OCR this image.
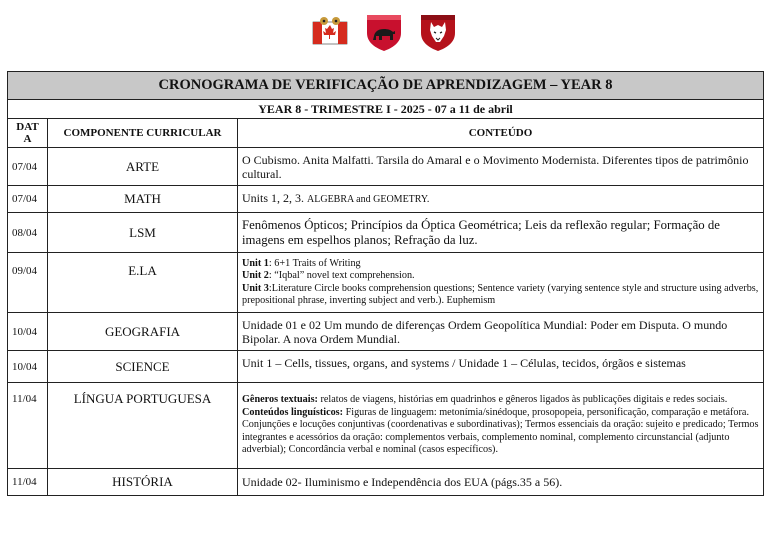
CRONOGRAMA DE VERIFICAÇÃO DE APRENDIZAGEM – YEAR 8		
YEAR 8 - TRIMESTRE I - 2025 - 07 a 11 de abril		
DAT
A	COMPONENTE CURRICULAR	CONTEÚDO
07/04	ARTE	O Cubismo. Anita Malfatti. Tarsila do Amaral e o Movimento Modernista. Diferentes tipos de patrimônio cultural.
07/04	MATH	Units 1, 2, 3. ALGEBRA and GEOMETRY.
08/04	LSM	Fenômenos Ópticos; Princípios da Óptica Geométrica; Leis da reflexão regular; Formação de imagens em espelhos planos; Refração da luz.
09/04	E.LA	Unit 1: 6+1 Traits of Writing
Unit 2: “Iqbal” novel text comprehension.
Unit 3:Literature Circle books comprehension questions; Sentence variety (varying sentence style and structure using adverbs, prepositional phrase, inverting subject and verb.). Euphemism

10/04	GEOGRAFIA	Unidade 01 e 02 Um mundo de diferenças Ordem Geopolítica Mundial: Poder em Disputa. O mundo Bipolar. A nova Ordem Mundial.
10/04	SCIENCE	Unit 1 – Cells, tissues, organs, and systems / Unidade 1 – Células, tecidos, órgãos e sistemas
11/04	LÍNGUA PORTUGUESA	Gêneros textuais: relatos de viagens, histórias em quadrinhos e gêneros ligados às publicações digitais e redes sociais.
Conteúdos linguísticos: Figuras de linguagem: metonímia/sinédoque, prosopopeia, personificação, comparação e metáfora. Conjunções e locuções conjuntivas (coordenativas e subordinativas); Termos essenciais da oração: sujeito e predicado; Termos integrantes e acessórios da oração: complementos verbais, complemento nominal, complemento circunstancial (adjunto adverbial); Concordância verbal e nominal (casos específicos).

11/04	HISTÓRIA	Unidade 02- Iluminismo e Independência dos EUA (págs.35 a 56).
